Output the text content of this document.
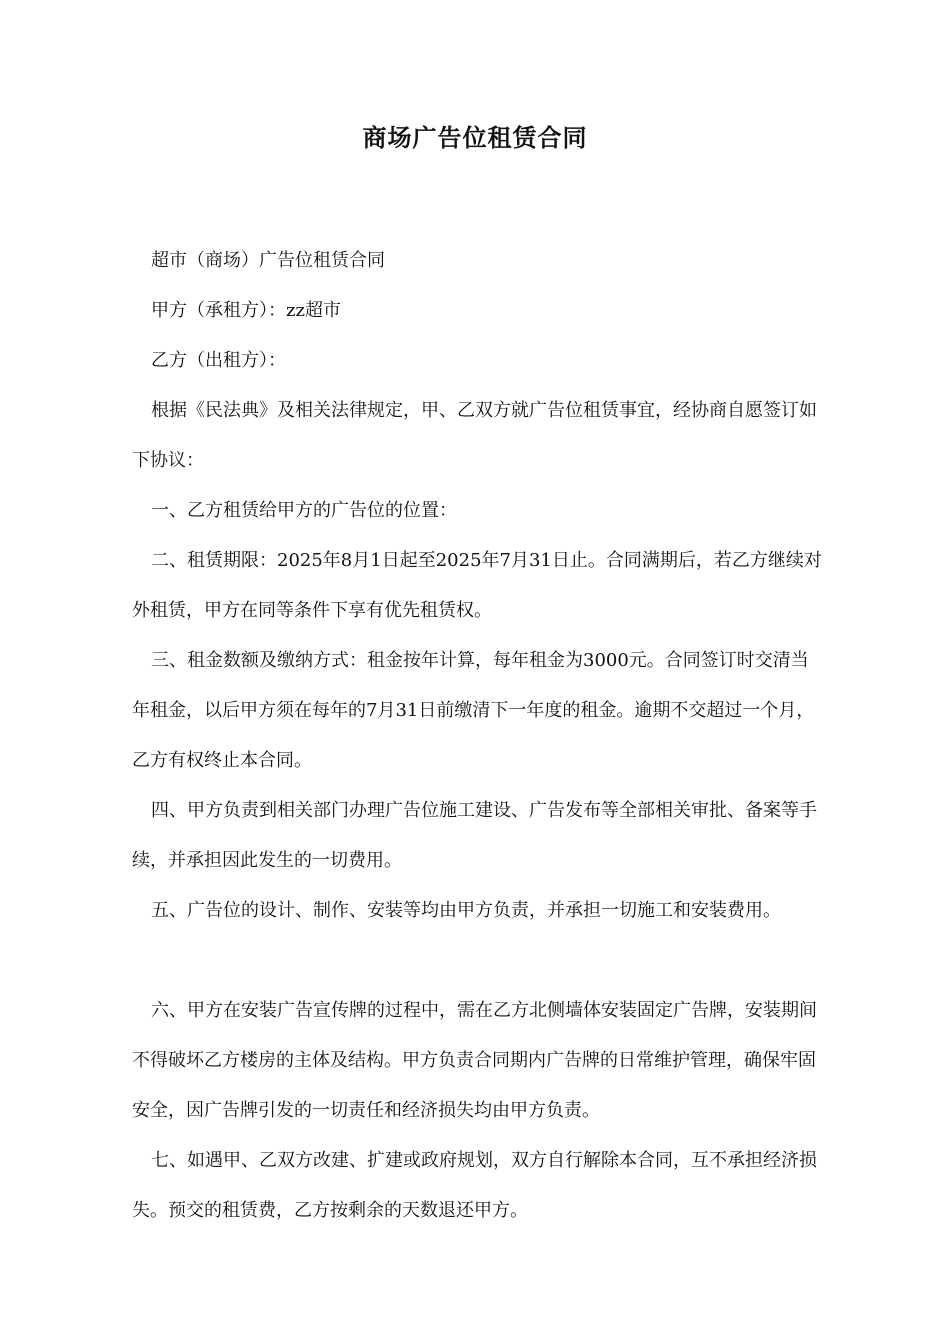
商场广告位租赁合同

超市（商场）广告位租赁合同

甲方（承租方）：zz超市

乙方（出租方）：

根据《民法典》及相关法律规定，甲、乙双方就广告位租赁事宜，经协商自愿签订如下协议：

一、乙方租赁给甲方的广告位的位置：

二、租赁期限：2025年8月1日起至2025年7月31日止。合同满期后，若乙方继续对外租赁，甲方在同等条件下享有优先租赁权。

三、租金数额及缴纳方式：租金按年计算，每年租金为3000元。合同签订时交清当年租金，以后甲方须在每年的7月31日前缴清下一年度的租金。逾期不交超过一个月，乙方有权终止本合同。

四、甲方负责到相关部门办理广告位施工建设、广告发布等全部相关审批、备案等手续，并承担因此发生的一切费用。

五、广告位的设计、制作、安装等均由甲方负责，并承担一切施工和安装费用。

六、甲方在安装广告宣传牌的过程中，需在乙方北侧墙体安装固定广告牌，安装期间不得破坏乙方楼房的主体及结构。甲方负责合同期内广告牌的日常维护管理，确保牢固安全，因广告牌引发的一切责任和经济损失均由甲方负责。

七、如遇甲、乙双方改建、扩建或政府规划，双方自行解除本合同，互不承担经济损失。预交的租赁费，乙方按剩余的天数退还甲方。
